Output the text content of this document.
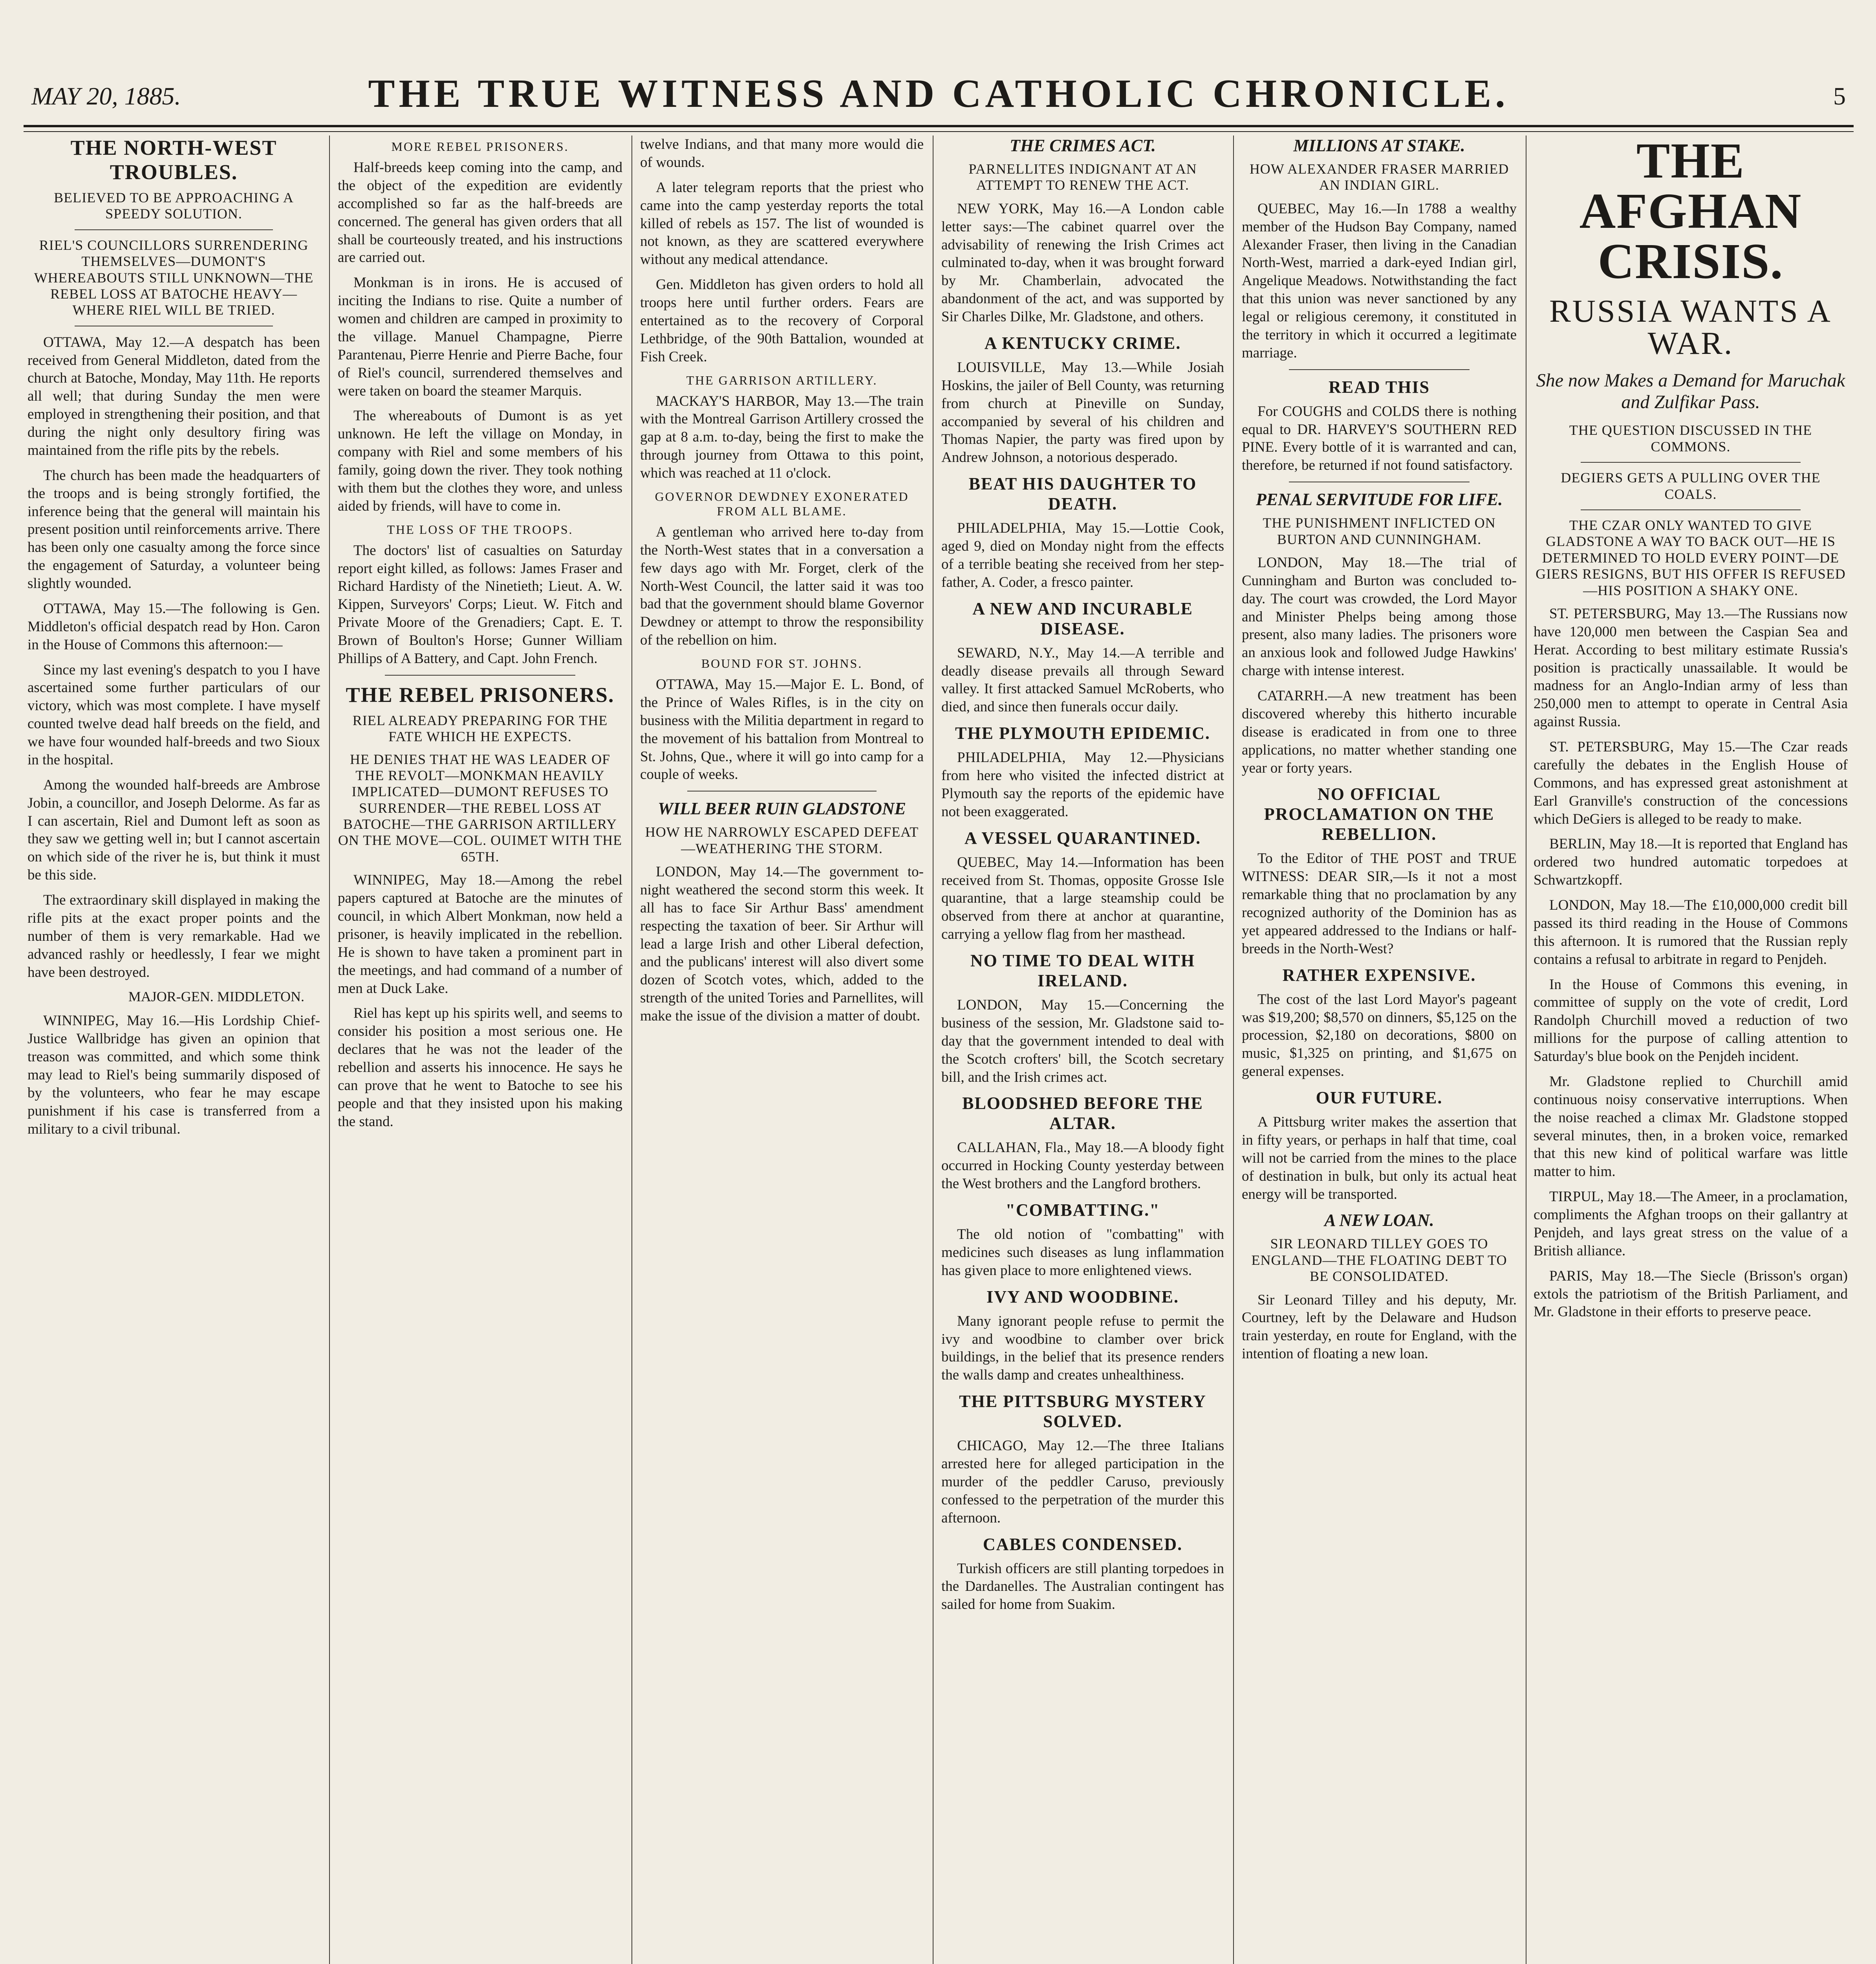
MAY 20, 1885.	THE TRUE WITNESS AND CATHOLIC CHRONICLE.	5
THE NORTH-WEST TROUBLES.
BELIEVED TO BE APPROACHING A SPEEDY SOLUTION.
RIEL'S COUNCILLORS SURRENDERING THEMSELVES—DUMONT'S WHEREABOUTS STILL UNKNOWN—THE REBEL LOSS AT BATOCHE HEAVY—WHERE RIEL WILL BE TRIED.
OTTAWA, May 12.—A despatch has been received from General Middleton, dated from the church at Batoche, Monday, May 11th. He reports all well; that during Sunday the men were employed in strengthening their position, and that during the night only desultory firing was maintained from the rifle pits by the rebels.
The church has been made the headquarters of the troops and is being strongly fortified, the inference being that the general will maintain his present position until reinforcements arrive. There has been only one casualty among the force since the engagement of Saturday, a volunteer being slightly wounded.
OTTAWA, May 15.—The following is Gen. Middleton's official despatch read by Hon. Caron in the House of Commons this afternoon:—
Since my last evening's despatch to you I have ascertained some further particulars of our victory, which was most complete. I have myself counted twelve dead half breeds on the field, and we have four wounded half-breeds and two Sioux in the hospital.
Among the wounded half-breeds are Ambrose Jobin, a councillor, and Joseph Delorme. As far as I can ascertain, Riel and Dumont left as soon as they saw we getting well in; but I cannot ascertain on which side of the river he is, but think it must be this side.
The extraordinary skill displayed in making the rifle pits at the exact proper points and the number of them is very remarkable. Had we advanced rashly or heedlessly, I fear we might have been destroyed.
MAJOR-GEN. MIDDLETON.
WINNIPEG, May 16.—His Lordship Chief-Justice Wallbridge has given an opinion that treason was committed, and which some think may lead to Riel's being summarily disposed of by the volunteers, who fear he may escape punishment if his case is transferred from a military to a civil tribunal.
MORE REBEL PRISONERS.
Half-breeds keep coming into the camp, and the object of the expedition are evidently accomplished so far as the half-breeds are concerned. The general has given orders that all shall be courteously treated, and his instructions are carried out.
Monkman is in irons. He is accused of inciting the Indians to rise. Quite a number of women and children are camped in proximity to the village. Manuel Champagne, Pierre Parantenau, Pierre Henrie and Pierre Bache, four of Riel's council, surrendered themselves and were taken on board the steamer Marquis.
The whereabouts of Dumont is as yet unknown. He left the village on Monday, in company with Riel and some members of his family, going down the river. They took nothing with them but the clothes they wore, and unless aided by friends, will have to come in.
THE LOSS OF THE TROOPS.
The doctors' list of casualties on Saturday report eight killed, as follows: James Fraser and Richard Hardisty of the Ninetieth; Lieut. A. W. Kippen, Surveyors' Corps; Lieut. W. Fitch and Private Moore of the Grenadiers; Capt. E. T. Brown of Boulton's Horse; Gunner William Phillips of A Battery, and Capt. John French.
THE REBEL PRISONERS.
RIEL ALREADY PREPARING FOR THE FATE WHICH HE EXPECTS.
HE DENIES THAT HE WAS LEADER OF THE REVOLT—MONKMAN HEAVILY IMPLICATED—DUMONT REFUSES TO SURRENDER—THE REBEL LOSS AT BATOCHE—THE GARRISON ARTILLERY ON THE MOVE—COL. OUIMET WITH THE 65TH.
WINNIPEG, May 18.—Among the rebel papers captured at Batoche are the minutes of council, in which Albert Monkman, now held a prisoner, is heavily implicated in the rebellion. He is shown to have taken a prominent part in the meetings, and had command of a number of men at Duck Lake.
Riel has kept up his spirits well, and seems to consider his position a most serious one. He declares that he was not the leader of the rebellion and asserts his innocence. He says he can prove that he went to Batoche to see his people and that they insisted upon his making the stand.
twelve Indians, and that many more would die of wounds.
A later telegram reports that the priest who came into the camp yesterday reports the total killed of rebels as 157. The list of wounded is not known, as they are scattered everywhere without any medical attendance.
Gen. Middleton has given orders to hold all troops here until further orders. Fears are entertained as to the recovery of Corporal Lethbridge, of the 90th Battalion, wounded at Fish Creek.
THE GARRISON ARTILLERY.
MACKAY'S HARBOR, May 13.—The train with the Montreal Garrison Artillery crossed the gap at 8 a.m. to-day, being the first to make the through journey from Ottawa to this point, which was reached at 11 o'clock.
GOVERNOR DEWDNEY EXONERATED FROM ALL BLAME.
A gentleman who arrived here to-day from the North-West states that in a conversation a few days ago with Mr. Forget, clerk of the North-West Council, the latter said it was too bad that the government should blame Governor Dewdney or attempt to throw the responsibility of the rebellion on him.
BOUND FOR ST. JOHNS.
OTTAWA, May 15.—Major E. L. Bond, of the Prince of Wales Rifles, is in the city on business with the Militia department in regard to the movement of his battalion from Montreal to St. Johns, Que., where it will go into camp for a couple of weeks.
WILL BEER RUIN GLADSTONE
HOW HE NARROWLY ESCAPED DEFEAT—WEATHERING THE STORM.
LONDON, May 14.—The government to-night weathered the second storm this week. It all has to face Sir Arthur Bass' amendment respecting the taxation of beer. Sir Arthur will lead a large Irish and other Liberal defection, and the publicans' interest will also divert some dozen of Scotch votes, which, added to the strength of the united Tories and Parnellites, will make the issue of the division a matter of doubt.
THE CRIMES ACT.
PARNELLITES INDIGNANT AT AN ATTEMPT TO RENEW THE ACT.
NEW YORK, May 16.—A London cable letter says:—The cabinet quarrel over the advisability of renewing the Irish Crimes act culminated to-day, when it was brought forward by Mr. Chamberlain, advocated the abandonment of the act, and was supported by Sir Charles Dilke, Mr. Gladstone, and others.
A KENTUCKY CRIME.
LOUISVILLE, May 13.—While Josiah Hoskins, the jailer of Bell County, was returning from church at Pineville on Sunday, accompanied by several of his children and Thomas Napier, the party was fired upon by Andrew Johnson, a notorious desperado.
BEAT HIS DAUGHTER TO DEATH.
PHILADELPHIA, May 15.—Lottie Cook, aged 9, died on Monday night from the effects of a terrible beating she received from her step-father, A. Coder, a fresco painter.
A NEW AND INCURABLE DISEASE.
SEWARD, N.Y., May 14.—A terrible and deadly disease prevails all through Seward valley. It first attacked Samuel McRoberts, who died, and since then funerals occur daily.
THE PLYMOUTH EPIDEMIC.
PHILADELPHIA, May 12.—Physicians from here who visited the infected district at Plymouth say the reports of the epidemic have not been exaggerated.
A VESSEL QUARANTINED.
QUEBEC, May 14.—Information has been received from St. Thomas, opposite Grosse Isle quarantine, that a large steamship could be observed from there at anchor at quarantine, carrying a yellow flag from her masthead.
NO TIME TO DEAL WITH IRELAND.
LONDON, May 15.—Concerning the business of the session, Mr. Gladstone said to-day that the government intended to deal with the Scotch crofters' bill, the Scotch secretary bill, and the Irish crimes act.
BLOODSHED BEFORE THE ALTAR.
CALLAHAN, Fla., May 18.—A bloody fight occurred in Hocking County yesterday between the West brothers and the Langford brothers.
"COMBATTING."
The old notion of "combatting" with medicines such diseases as lung inflammation has given place to more enlightened views.
IVY AND WOODBINE.
Many ignorant people refuse to permit the ivy and woodbine to clamber over brick buildings, in the belief that its presence renders the walls damp and creates unhealthiness.
THE PITTSBURG MYSTERY SOLVED.
CHICAGO, May 12.—The three Italians arrested here for alleged participation in the murder of the peddler Caruso, previously confessed to the perpetration of the murder this afternoon.
CABLES CONDENSED.
Turkish officers are still planting torpedoes in the Dardanelles. The Australian contingent has sailed for home from Suakim.
MILLIONS AT STAKE.
HOW ALEXANDER FRASER MARRIED AN INDIAN GIRL.
QUEBEC, May 16.—In 1788 a wealthy member of the Hudson Bay Company, named Alexander Fraser, then living in the Canadian North-West, married a dark-eyed Indian girl, Angelique Meadows. Notwithstanding the fact that this union was never sanctioned by any legal or religious ceremony, it constituted in the territory in which it occurred a legitimate marriage.
READ THIS
For COUGHS and COLDS there is nothing equal to DR. HARVEY'S SOUTHERN RED PINE. Every bottle of it is warranted and can, therefore, be returned if not found satisfactory.
PENAL SERVITUDE FOR LIFE.
THE PUNISHMENT INFLICTED ON BURTON AND CUNNINGHAM.
LONDON, May 18.—The trial of Cunningham and Burton was concluded to-day. The court was crowded, the Lord Mayor and Minister Phelps being among those present, also many ladies. The prisoners wore an anxious look and followed Judge Hawkins' charge with intense interest.
CATARRH.—A new treatment has been discovered whereby this hitherto incurable disease is eradicated in from one to three applications, no matter whether standing one year or forty years.
NO OFFICIAL PROCLAMATION ON THE REBELLION.
To the Editor of THE POST and TRUE WITNESS: DEAR SIR,—Is it not a most remarkable thing that no proclamation by any recognized authority of the Dominion has as yet appeared addressed to the Indians or half-breeds in the North-West?
RATHER EXPENSIVE.
The cost of the last Lord Mayor's pageant was $19,200; $8,570 on dinners, $5,125 on the procession, $2,180 on decorations, $800 on music, $1,325 on printing, and $1,675 on general expenses.
OUR FUTURE.
A Pittsburg writer makes the assertion that in fifty years, or perhaps in half that time, coal will not be carried from the mines to the place of destination in bulk, but only its actual heat energy will be transported.
A NEW LOAN.
SIR LEONARD TILLEY GOES TO ENGLAND—THE FLOATING DEBT TO BE CONSOLIDATED.
Sir Leonard Tilley and his deputy, Mr. Courtney, left by the Delaware and Hudson train yesterday, en route for England, with the intention of floating a new loan.
THE AFGHAN CRISIS.
RUSSIA WANTS A WAR.
She now Makes a Demand for Maruchak and Zulfikar Pass.
THE QUESTION DISCUSSED IN THE COMMONS.
DEGIERS GETS A PULLING OVER THE COALS.
THE CZAR ONLY WANTED TO GIVE GLADSTONE A WAY TO BACK OUT—HE IS DETERMINED TO HOLD EVERY POINT—DE GIERS RESIGNS, BUT HIS OFFER IS REFUSED—HIS POSITION A SHAKY ONE.
ST. PETERSBURG, May 13.—The Russians now have 120,000 men between the Caspian Sea and Herat. According to best military estimate Russia's position is practically unassailable. It would be madness for an Anglo-Indian army of less than 250,000 men to attempt to operate in Central Asia against Russia.
ST. PETERSBURG, May 15.—The Czar reads carefully the debates in the English House of Commons, and has expressed great astonishment at Earl Granville's construction of the concessions which DeGiers is alleged to be ready to make.
BERLIN, May 18.—It is reported that England has ordered two hundred automatic torpedoes at Schwartzkopff.
LONDON, May 18.—The £10,000,000 credit bill passed its third reading in the House of Commons this afternoon. It is rumored that the Russian reply contains a refusal to arbitrate in regard to Penjdeh.
In the House of Commons this evening, in committee of supply on the vote of credit, Lord Randolph Churchill moved a reduction of two millions for the purpose of calling attention to Saturday's blue book on the Penjdeh incident.
Mr. Gladstone replied to Churchill amid continuous noisy conservative interruptions. When the noise reached a climax Mr. Gladstone stopped several minutes, then, in a broken voice, remarked that this new kind of political warfare was little matter to him.
TIRPUL, May 18.—The Ameer, in a proclamation, compliments the Afghan troops on their gallantry at Penjdeh, and lays great stress on the value of a British alliance.
PARIS, May 18.—The Siecle (Brisson's organ) extols the patriotism of the British Parliament, and Mr. Gladstone in their efforts to preserve peace.
